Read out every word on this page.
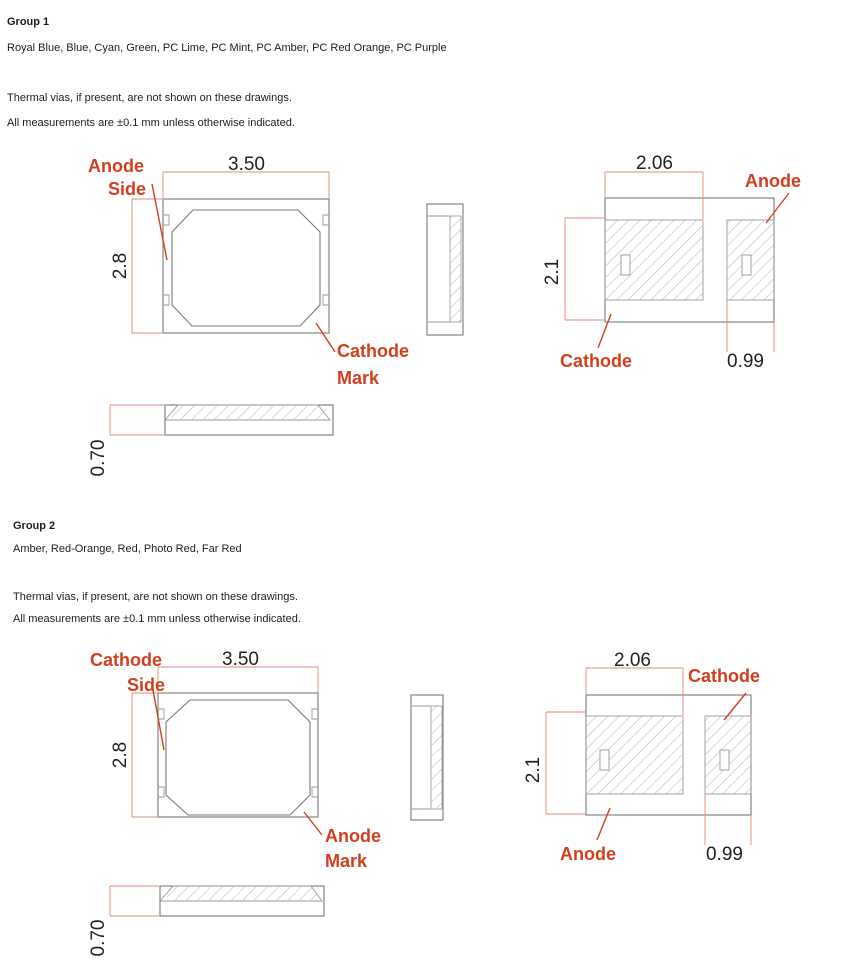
Group 1
Royal Blue, Blue, Cyan, Green, PC Lime, PC Mint, PC Amber, PC Red Orange, PC Purple
Thermal vias, if present, are not shown on these drawings.
All measurements are ±0.1 mm unless otherwise indicated.
Group 2
Amber, Red-Orange, Red, Photo Red, Far Red
Thermal vias, if present, are not shown on these drawings.
All measurements are ±0.1 mm unless otherwise indicated.
3.50
2.8
Anode
Side
Cathode
Mark
0.70
2.06
2.1
0.99
Anode
Cathode
3.50
2.8
Cathode
Side
Anode
Mark
0.70
2.06
2.1
0.99
Cathode
Anode
